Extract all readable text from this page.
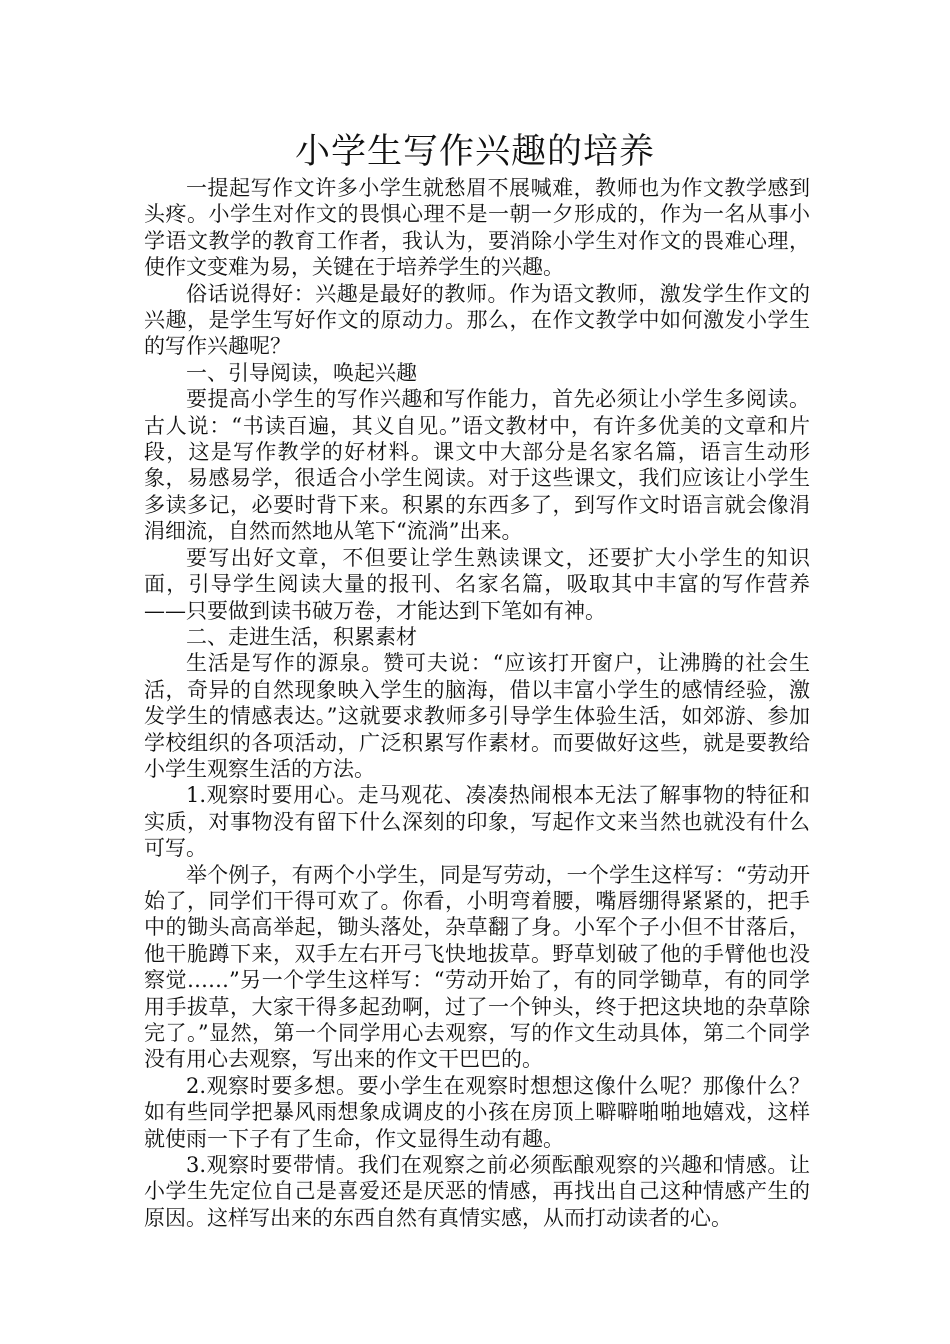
小学生写作兴趣的培养

一提起写作文许多小学生就愁眉不展喊难，教师也为作文教学感到头疼。小学生对作文的畏惧心理不是一朝一夕形成的，作为一名从事小学语文教学的教育工作者，我认为，要消除小学生对作文的畏难心理，使作文变难为易，关键在于培养学生的兴趣。

俗话说得好：兴趣是最好的教师。作为语文教师，激发学生作文的兴趣，是学生写好作文的原动力。那么，在作文教学中如何激发小学生的写作兴趣呢？

一、引导阅读，唤起兴趣

要提高小学生的写作兴趣和写作能力，首先必须让小学生多阅读。古人说：“书读百遍，其义自见。”语文教材中，有许多优美的文章和片段，这是写作教学的好材料。课文中大部分是名家名篇，语言生动形象，易感易学，很适合小学生阅读。对于这些课文，我们应该让小学生多读多记，必要时背下来。积累的东西多了，到写作文时语言就会像涓涓细流，自然而然地从笔下“流淌”出来。

要写出好文章，不但要让学生熟读课文，还要扩大小学生的知识面，引导学生阅读大量的报刊、名家名篇，吸取其中丰富的写作营养——只要做到读书破万卷，才能达到下笔如有神。

二、走进生活，积累素材

生活是写作的源泉。赞可夫说：“应该打开窗户，让沸腾的社会生活，奇异的自然现象映入学生的脑海，借以丰富小学生的感情经验，激发学生的情感表达。”这就要求教师多引导学生体验生活，如郊游、参加学校组织的各项活动，广泛积累写作素材。而要做好这些，就是要教给小学生观察生活的方法。

1.观察时要用心。走马观花、凑凑热闹根本无法了解事物的特征和实质，对事物没有留下什么深刻的印象，写起作文来当然也就没有什么可写。

举个例子，有两个小学生，同是写劳动，一个学生这样写：“劳动开始了，同学们干得可欢了。你看，小明弯着腰，嘴唇绷得紧紧的，把手中的锄头高高举起，锄头落处，杂草翻了身。小军个子小但不甘落后，他干脆蹲下来，双手左右开弓飞快地拔草。野草划破了他的手臂他也没察觉……”另一个学生这样写：“劳动开始了，有的同学锄草，有的同学用手拔草，大家干得多起劲啊，过了一个钟头，终于把这块地的杂草除完了。”显然，第一个同学用心去观察，写的作文生动具体，第二个同学没有用心去观察，写出来的作文干巴巴的。

2.观察时要多想。要小学生在观察时想想这像什么呢？那像什么？如有些同学把暴风雨想象成调皮的小孩在房顶上噼噼啪啪地嬉戏，这样就使雨一下子有了生命，作文显得生动有趣。

3.观察时要带情。我们在观察之前必须酝酿观察的兴趣和情感。让小学生先定位自己是喜爱还是厌恶的情感，再找出自己这种情感产生的原因。这样写出来的东西自然有真情实感，从而打动读者的心。
